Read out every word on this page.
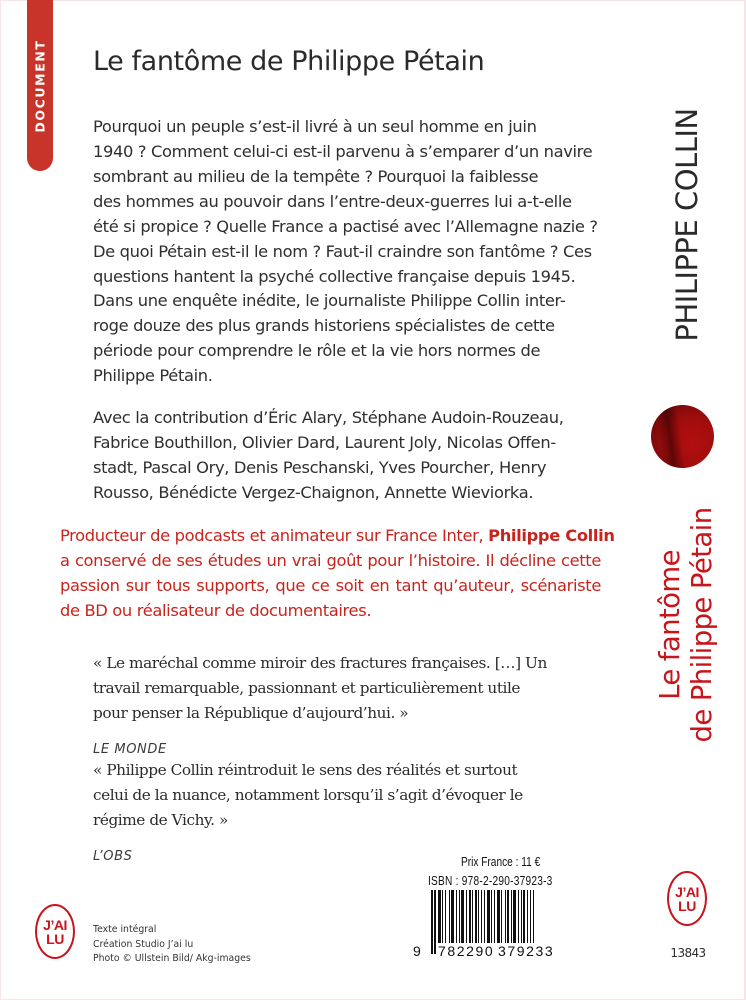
DOCUMENT Le fantôme de Philippe Pétain
Pourquoi un peuple s’est-il livré à un seul homme en juin
1940 ? Comment celui-ci est-il parvenu à s’emparer d’un navire
sombrant au milieu de la tempête ? Pourquoi la faiblesse
des hommes au pouvoir dans l’entre-deux-guerres lui a-t-elle
été si propice ? Quelle France a pactisé avec l’Allemagne nazie ?
De quoi Pétain est-il le nom ? Faut-il craindre son fantôme ? Ces
questions hantent la psyché collective française depuis 1945.
Dans une enquête inédite, le journaliste Philippe Collin inter-
roge douze des plus grands historiens spécialistes de cette
période pour comprendre le rôle et la vie hors normes de
Philippe Pétain.
Avec la contribution d’Éric Alary, Stéphane Audoin-Rouzeau,
Fabrice Bouthillon, Olivier Dard, Laurent Joly, Nicolas Offen-
stadt, Pascal Ory, Denis Peschanski, Yves Pourcher, Henry
Rousso, Bénédicte Vergez-Chaignon, Annette Wieviorka.
Producteur de podcasts et animateur sur France Inter, Philippe Collin
a conservé de ses études un vrai goût pour l’histoire. Il décline cette
passion sur tous supports, que ce soit en tant qu’auteur, scénariste
de BD ou réalisateur de documentaires.
« Le maréchal comme miroir des fractures françaises. […] Un
travail remarquable, passionnant et particulièrement utile
pour penser la République d’aujourd’hui. »
LE MONDE
« Philippe Collin réintroduit le sens des réalités et surtout
celui de la nuance, notamment lorsqu’il s’agit d’évoquer le
régime de Vichy. »
L’OBS
J’AI
LU
Texte intégral
Création Studio J’ai lu
Photo © Ullstein Bild/ Akg-images
Prix France : 11 €
ISBN : 978-2-290-37923-3
9 782290 379233
PHILIPPE COLLIN
Le fantôme de Philippe Pétain
J’AI
LU
13843
